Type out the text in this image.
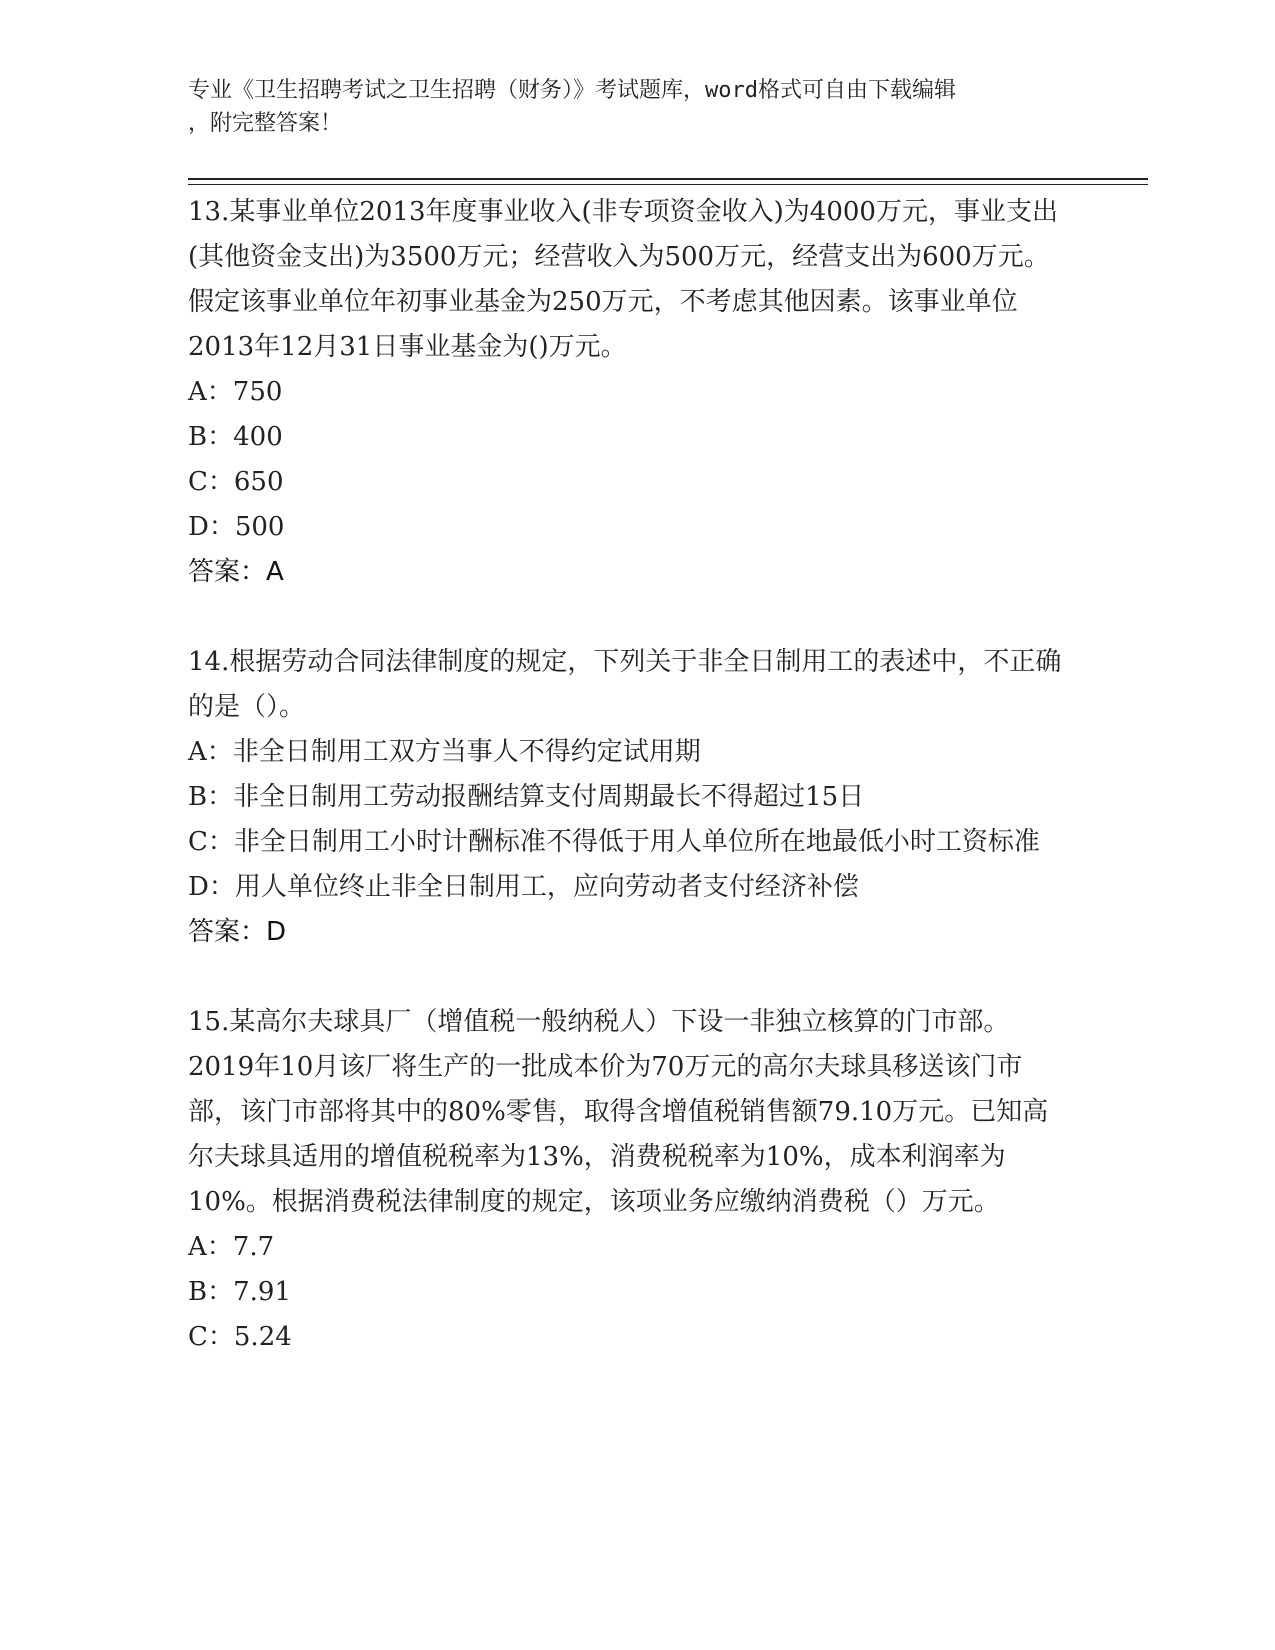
专业《卫生招聘考试之卫生招聘（财务）》考试题库，word格式可自由下载编辑
，附完整答案！

13.某事业单位2013年度事业收入(非专项资金收入)为4000万元，事业支出(其他资金支出)为3500万元；经营收入为500万元，经营支出为600万元。假定该事业单位年初事业基金为250万元，不考虑其他因素。该事业单位2013年12月31日事业基金为()万元。

A：750

B：400

C：650

D：500

答案：A

14.根据劳动合同法律制度的规定，下列关于非全日制用工的表述中，不正确的是（）。

A：非全日制用工双方当事人不得约定试用期

B：非全日制用工劳动报酬结算支付周期最长不得超过15日

C：非全日制用工小时计酬标准不得低于用人单位所在地最低小时工资标准

D：用人单位终止非全日制用工，应向劳动者支付经济补偿

答案：D

15.某高尔夫球具厂（增值税一般纳税人）下设一非独立核算的门市部。2019年10月该厂将生产的一批成本价为70万元的高尔夫球具移送该门市部，该门市部将其中的80%零售，取得含增值税销售额79.10万元。已知高尔夫球具适用的增值税税率为13%，消费税税率为10%，成本利润率为10%。根据消费税法律制度的规定，该项业务应缴纳消费税（）万元。

A：7.7

B：7.91

C：5.24
